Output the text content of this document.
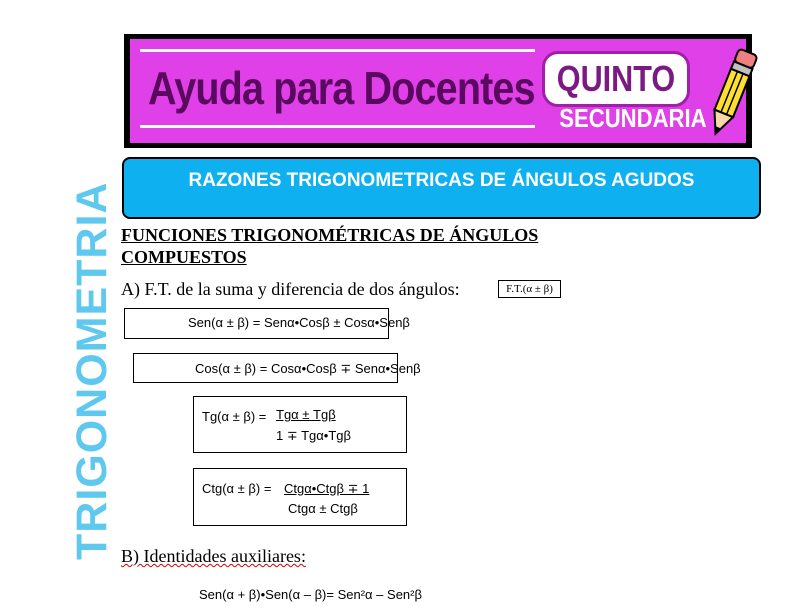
Ayuda para Docentes QUINTO
SECUNDARIA
RAZONES TRIGONOMETRICAS DE ÁNGULOS AGUDOS
TRIGONOMETRIA FUNCIONES TRIGONOMÉTRICAS DE ÁNGULOS
COMPUESTOS
A) F.T. de la suma y diferencia de dos ángulos:	F.T.(α ± β)
Sen(α ± β) = Senα•Cosβ ± Cosα•Senβ
Cos(α ± β) = Cosα•Cosβ ∓ Senα•Senβ
Tg(α ± β) = Tgα ± Tgβ
1 ∓ Tgα•Tgβ
Ctg(α ± β) = Ctgα•Ctgβ ∓ 1
Ctgα ± Ctgβ
B) Identidades auxiliares:
Sen(α + β)•Sen(α – β)= Sen²α – Sen²β
